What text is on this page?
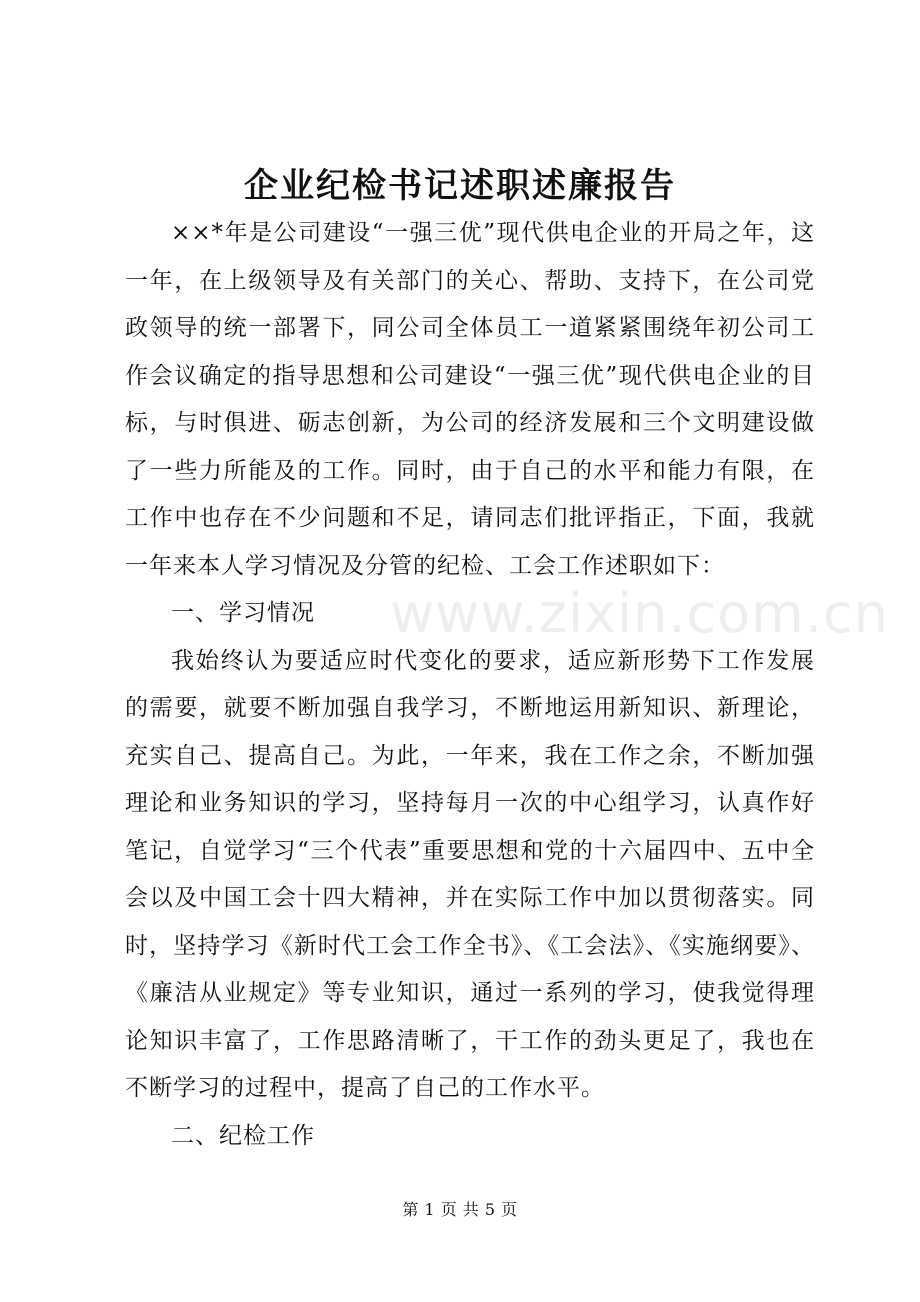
企业纪检书记述职述廉报告
www.zixin.com.cn

××*年是公司建设“一强三优”现代供电企业的开局之年，这一年，在上级领导及有关部门的关心、帮助、支持下，在公司党政领导的统一部署下，同公司全体员工一道紧紧围绕年初公司工作会议确定的指导思想和公司建设“一强三优”现代供电企业的目标，与时俱进、砺志创新，为公司的经济发展和三个文明建设做了一些力所能及的工作。同时，由于自己的水平和能力有限，在工作中也存在不少问题和不足，请同志们批评指正，下面，我就一年来本人学习情况及分管的纪检、工会工作述职如下：

一、学习情况

我始终认为要适应时代变化的要求，适应新形势下工作发展的需要，就要不断加强自我学习，不断地运用新知识、新理论，充实自己、提高自己。为此，一年来，我在工作之余，不断加强理论和业务知识的学习，坚持每月一次的中心组学习，认真作好笔记，自觉学习“三个代表”重要思想和党的十六届四中、五中全会以及中国工会十四大精神，并在实际工作中加以贯彻落实。同时，坚持学习《新时代工会工作全书》、《工会法》、《实施纲要》、《廉洁从业规定》等专业知识，通过一系列的学习，使我觉得理论知识丰富了，工作思路清晰了，干工作的劲头更足了，我也在不断学习的过程中，提高了自己的工作水平。

二、纪检工作

第 1 页 共 5 页
